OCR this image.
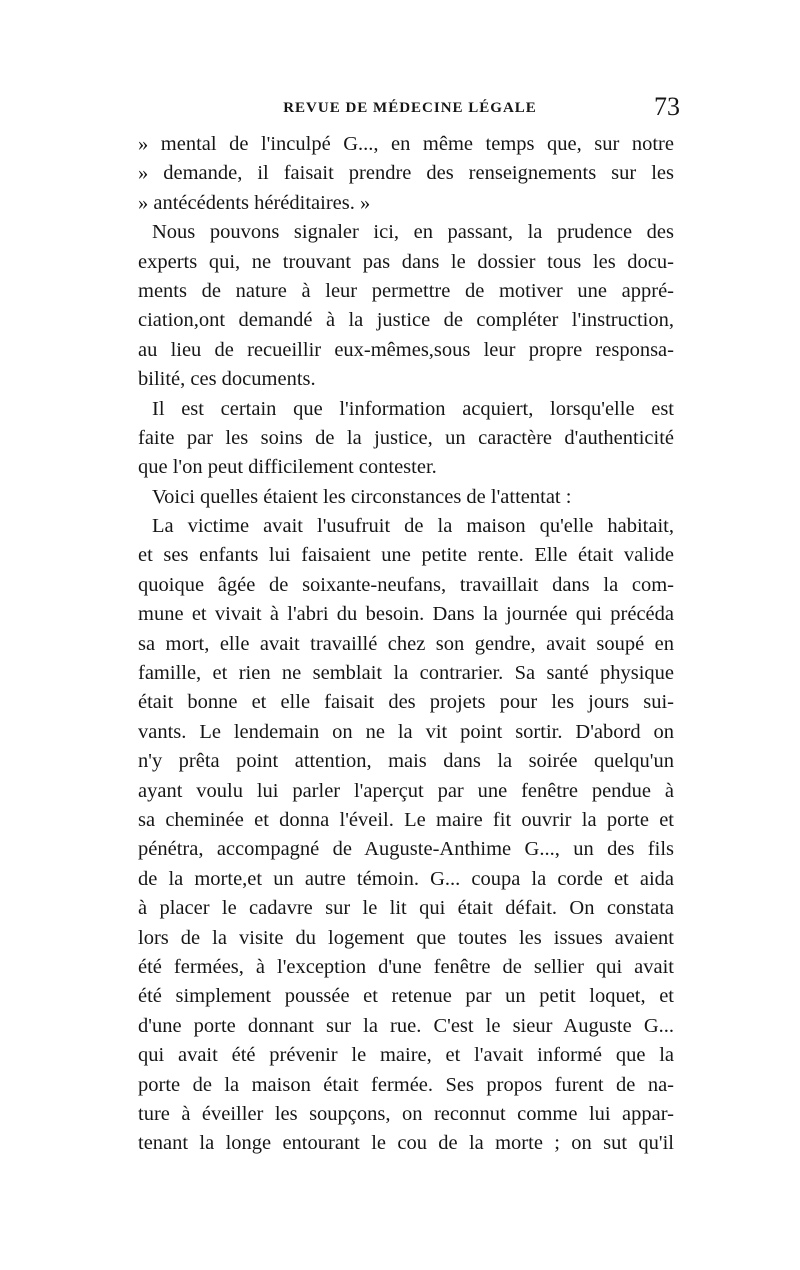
REVUE DE MÉDECINE LÉGALE	73
» mental de l'inculpé G..., en même temps que, sur notre
» demande, il faisait prendre des renseignements sur les
» antécédents héréditaires. »
Nous pouvons signaler ici, en passant, la prudence des
experts qui, ne trouvant pas dans le dossier tous les docu-
ments de nature à leur permettre de motiver une appré-
ciation,ont demandé à la justice de compléter l'instruction,
au lieu de recueillir eux-mêmes,sous leur propre responsa-
bilité, ces documents.
Il est certain que l'information acquiert, lorsqu'elle est
faite par les soins de la justice, un caractère d'authenticité
que l'on peut difficilement contester.
Voici quelles étaient les circonstances de l'attentat :
La victime avait l'usufruit de la maison qu'elle habitait,
et ses enfants lui faisaient une petite rente. Elle était valide
quoique âgée de soixante-neufans, travaillait dans la com-
mune et vivait à l'abri du besoin. Dans la journée qui précéda
sa mort, elle avait travaillé chez son gendre, avait soupé en
famille, et rien ne semblait la contrarier. Sa santé physique
était bonne et elle faisait des projets pour les jours sui-
vants. Le lendemain on ne la vit point sortir. D'abord on
n'y prêta point attention, mais dans la soirée quelqu'un
ayant voulu lui parler l'aperçut par une fenêtre pendue à
sa cheminée et donna l'éveil. Le maire fit ouvrir la porte et
pénétra, accompagné de Auguste-Anthime G..., un des fils
de la morte,et un autre témoin. G... coupa la corde et aida
à placer le cadavre sur le lit qui était défait. On constata
lors de la visite du logement que toutes les issues avaient
été fermées, à l'exception d'une fenêtre de sellier qui avait
été simplement poussée et retenue par un petit loquet, et
d'une porte donnant sur la rue. C'est le sieur Auguste G...
qui avait été prévenir le maire, et l'avait informé que la
porte de la maison était fermée. Ses propos furent de na-
ture à éveiller les soupçons, on reconnut comme lui appar-
tenant la longe entourant le cou de la morte ; on sut qu'il
